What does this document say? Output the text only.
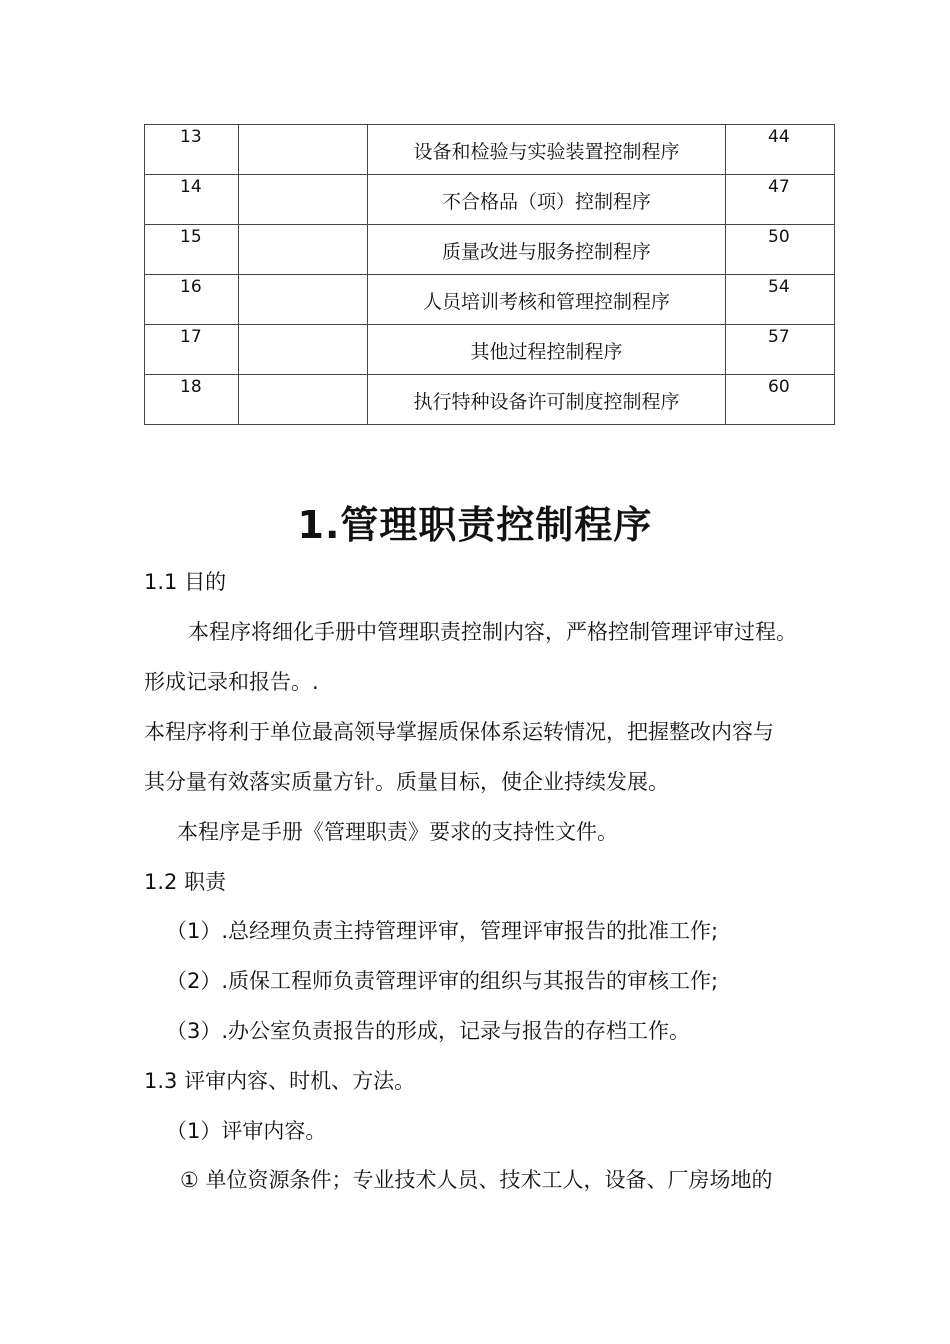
13		设备和检验与实验装置控制程序	44
14		不合格品（项）控制程序	47
15		质量改进与服务控制程序	50
16		人员培训考核和管理控制程序	54
17		其他过程控制程序	57
18		执行特种设备许可制度控制程序	60
1.管理职责控制程序
1.1 目的
本程序将细化手册中管理职责控制内容，严格控制管理评审过程。
形成记录和报告。.
本程序将利于单位最高领导掌握质保体系运转情况，把握整改内容与
其分量有效落实质量方针。质量目标，使企业持续发展。
本程序是手册《管理职责》要求的支持性文件。
1.2 职责
（1）.总经理负责主持管理评审，管理评审报告的批准工作;
（2）.质保工程师负责管理评审的组织与其报告的审核工作;
（3）.办公室负责报告的形成，记录与报告的存档工作。
1.3 评审内容、时机、方法。
（1）评审内容。
① 单位资源条件；专业技术人员、技术工人，设备、厂房场地的
